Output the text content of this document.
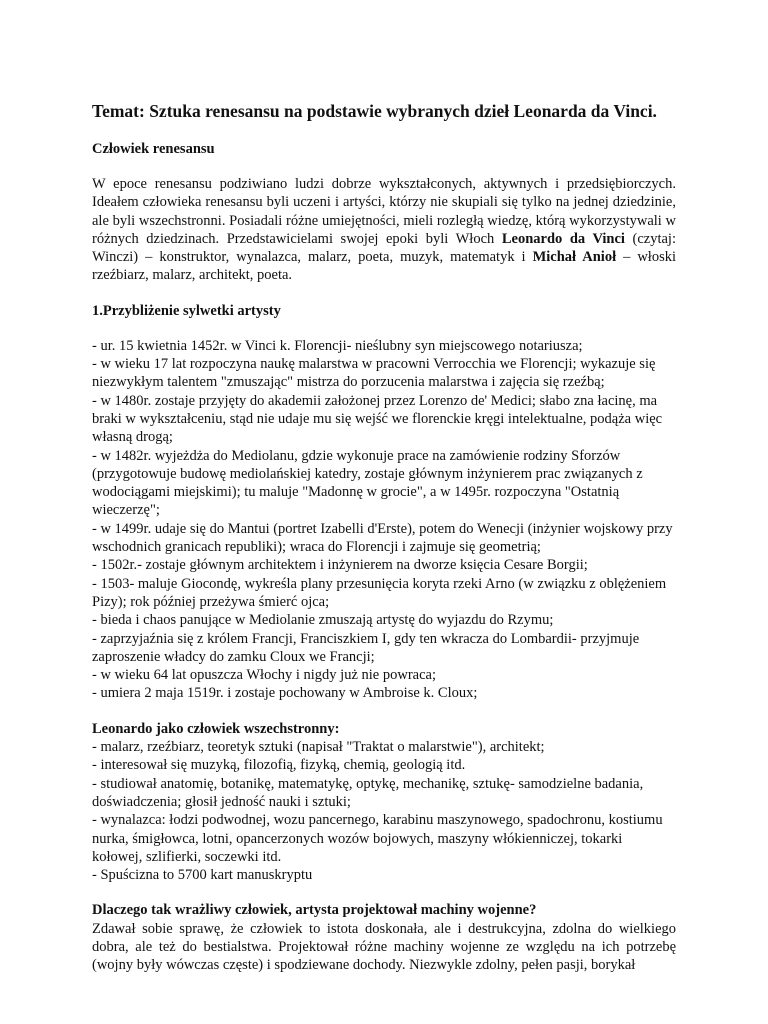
Temat: Sztuka renesansu na podstawie wybranych dzieł Leonarda da Vinci.
Człowiek renesansu
W epoce renesansu podziwiano ludzi dobrze wykształconych, aktywnych i przedsiębiorczych. Ideałem człowieka renesansu byli uczeni i artyści, którzy nie skupiali się tylko na jednej dziedzinie, ale byli wszechstronni. Posiadali różne umiejętności, mieli rozległą wiedzę, którą wykorzystywali w różnych dziedzinach. Przedstawicielami swojej epoki byli Włoch Leonardo da Vinci (czytaj: Winczi) – konstruktor, wynalazca, malarz, poeta, muzyk, matematyk i Michał Anioł – włoski rzeźbiarz, malarz, architekt, poeta.
1.Przybliżenie sylwetki artysty
- ur. 15 kwietnia 1452r. w Vinci k. Florencji- nieślubny syn miejscowego notariusza;
- w wieku 17 lat rozpoczyna naukę malarstwa w pracowni Verrocchia we Florencji; wykazuje się niezwykłym talentem "zmuszając" mistrza do porzucenia malarstwa i zajęcia się rzeźbą;
- w 1480r. zostaje przyjęty do akademii założonej przez Lorenzo de' Medici; słabo zna łacinę, ma braki w wykształceniu, stąd nie udaje mu się wejść we florenckie kręgi intelektualne, podąża więc własną drogą;
- w 1482r. wyjeżdża do Mediolanu, gdzie wykonuje prace na zamówienie rodziny Sforzów (przygotowuje budowę mediolańskiej katedry, zostaje głównym inżynierem prac związanych z wodociągami miejskimi); tu maluje "Madonnę w grocie", a w 1495r. rozpoczyna "Ostatnią wieczerzę";
- w 1499r. udaje się do Mantui (portret Izabelli d'Erste), potem do Wenecji (inżynier wojskowy przy wschodnich granicach republiki); wraca do Florencji i zajmuje się geometrią;
- 1502r.- zostaje głównym architektem i inżynierem na dworze księcia Cesare Borgii;
- 1503- maluje Giocondę, wykreśla plany przesunięcia koryta rzeki Arno (w związku z oblężeniem Pizy); rok później przeżywa śmierć ojca;
- bieda i chaos panujące w Mediolanie zmuszają artystę do wyjazdu do Rzymu;
- zaprzyjaźnia się z królem Francji, Franciszkiem I, gdy ten wkracza do Lombardii- przyjmuje zaproszenie władcy do zamku Cloux we Francji;
- w wieku 64 lat opuszcza Włochy i nigdy już nie powraca;
- umiera 2 maja 1519r. i zostaje pochowany w Ambroise k. Cloux;
Leonardo jako człowiek wszechstronny:
- malarz, rzeźbiarz, teoretyk sztuki (napisał "Traktat o malarstwie"), architekt;
- interesował się muzyką, filozofią, fizyką, chemią, geologią itd.
- studiował anatomię, botanikę, matematykę, optykę, mechanikę, sztukę- samodzielne badania, doświadczenia; głosił jedność nauki i sztuki;
- wynalazca: łodzi podwodnej, wozu pancernego, karabinu maszynowego, spadochronu, kostiumu nurka, śmigłowca, lotni, opancerzonych wozów bojowych, maszyny włókienniczej, tokarki kołowej, szlifierki, soczewki itd.
- Spuścizna to 5700 kart manuskryptu
Dlaczego tak wrażliwy człowiek, artysta projektował machiny wojenne?
Zdawał sobie sprawę, że człowiek to istota doskonała, ale i destrukcyjna, zdolna do wielkiego dobra, ale też do bestialstwa. Projektował różne machiny wojenne ze względu na ich potrzebę (wojny były wówczas częste) i spodziewane dochody. Niezwykle zdolny, pełen pasji, borykał
